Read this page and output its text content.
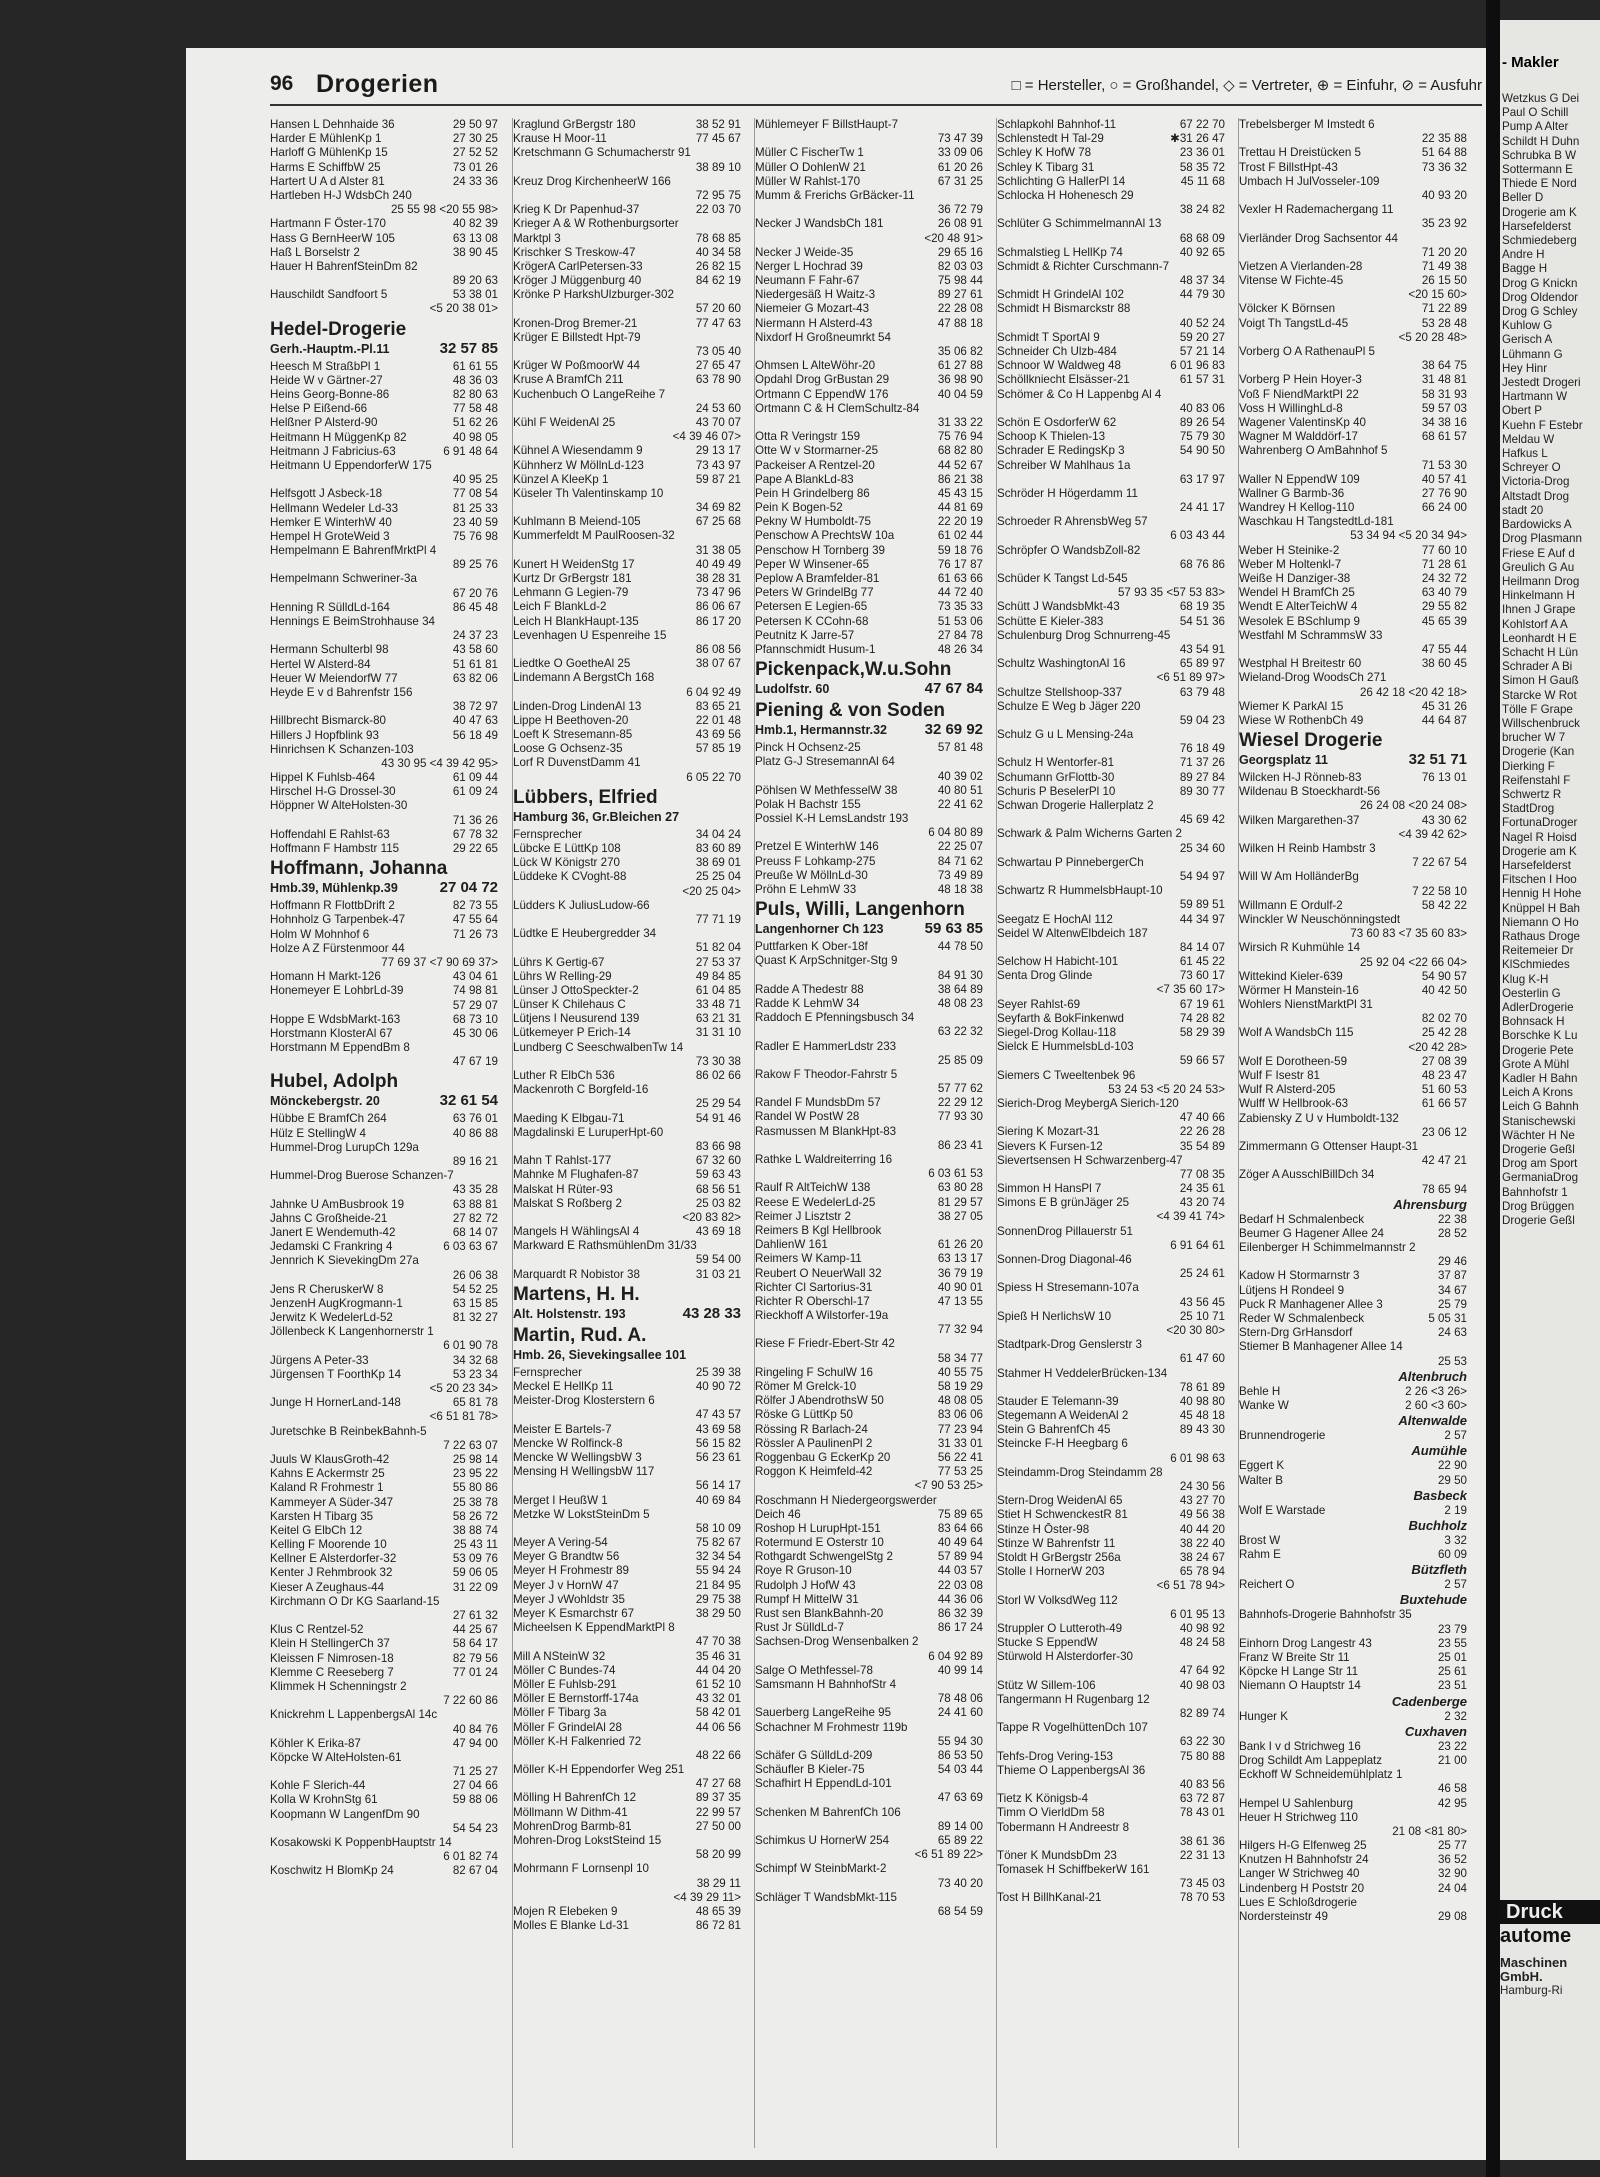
96 Drogerien	□ = Hersteller, ○ = Großhandel, ◇ = Vertreter, ⊕ = Einfuhr, ⊘ = Ausfuhr
Hansen L Dehnhaide 36	29 50 97
Harder E MühlenKp 1	27 30 25
Harloff G MühlenKp 15	27 52 52
Harms E SchiffbW 25	73 01 26
Hartert U A d Alster 81	24 33 36
Hartleben H-J WdsbCh 240
25 55 98 <20 55 98>
Hartmann F Öster-170	40 82 39
Hass G BernHeerW 105	63 13 08
Haß L Borselstr 2	38 90 45
Hauer H BahrenfSteinDm 82
89 20 63
Hauschildt Sandfoort 5	53 38 01
<5 20 38 01>
Hedel-Drogerie
Gerh.-Hauptm.-Pl.11	32 57 85
Heesch M StraßbPl 1	61 61 55
Heide W v Gärtner-27	48 36 03
Heins Georg-Bonne-86	82 80 63
Helse P Eißend-66	77 58 48
Helßner P Alsterd-90	51 62 26
Heitmann H MüggenKp 82	40 98 05
Heitmann J Fabricius-63	6 91 48 64
Heitmann U EppendorferW 175
40 95 25
Helfsgott J Asbeck-18	77 08 54
Hellmann Wedeler Ld-33	81 25 33
Hemker E WinterhW 40	23 40 59
Hempel H GroteWeid 3	75 76 98
Hempelmann E BahrenfMrktPl 4
89 25 76
Hempelmann Schweriner-3a
67 20 76
Henning R SülldLd-164	86 45 48
Hennings E BeimStrohhause 34
24 37 23
Hermann Schulterbl 98	43 58 60
Hertel W Alsterd-84	51 61 81
Heuer W MeiendorfW 77	63 82 06
Heyde E v d Bahrenfstr 156
38 72 97
Hillbrecht Bismarck-80	40 47 63
Hillers J Hopfblink 93	56 18 49
Hinrichsen K Schanzen-103
43 30 95 <4 39 42 95>
Hippel K Fuhlsb-464	61 09 44
Hirschel H-G Drossel-30	61 09 24
Höppner W AlteHolsten-30
71 36 26
Hoffendahl E Rahlst-63	67 78 32
Hoffmann F Hambstr 115	29 22 65
Hoffmann, Johanna
Hmb.39, Mühlenkp.39	27 04 72
Hoffmann R FlottbDrift 2	82 73 55
Hohnholz G Tarpenbek-47	47 55 64
Holm W Mohnhof 6	71 26 73
Holze A Z Fürstenmoor 44
77 69 37 <7 90 69 37>
Homann H Markt-126	43 04 61
Honemeyer E LohbrLd-39	74 98 81
57 29 07
Hoppe E WdsbMarkt-163	68 73 10
Horstmann KlosterAl 67	45 30 06
Horstmann M EppendBm 8
47 67 19
Hubel, Adolph
Mönckebergstr. 20	32 61 54
Hübbe E BramfCh 264	63 76 01
Hülz E StellingW 4	40 86 88
Hummel-Drog LurupCh 129a
89 16 21
Hummel-Drog Buerose Schanzen-7
43 35 28
Jahnke U AmBusbrook 19	63 88 81
Jahns C Großheide-21	27 82 72
Janert E Wendemuth-42	68 14 07
Jedamski C Frankring 4	6 03 63 67
Jennrich K SievekingDm 27a
26 06 38
Jens R CheruskerW 8	54 52 25
JenzenH AugKrogmann-1	63 15 85
Jerwitz K WedelerLd-52	81 32 27
Jöllenbeck K Langenhornerstr 1
6 01 90 78
Jürgens A Peter-33	34 32 68
Jürgensen T FoorthKp 14	53 23 34
<5 20 23 34>
Junge H HornerLand-148	65 81 78
<6 51 81 78>
Juretschke B ReinbekBahnh-5
7 22 63 07
Juuls W KlausGroth-42	25 98 14
Kahns E Ackermstr 25	23 95 22
Kaland R Frohmestr 1	55 80 86
Kammeyer A Süder-347	25 38 78
Karsten H Tibarg 35	58 26 72
Keitel G ElbCh 12	38 88 74
Kelling F Moorende 10	25 43 11
Kellner E Alsterdorfer-32	53 09 76
Kenter J Rehmbrook 32	59 06 05
Kieser A Zeughaus-44	31 22 09
Kirchmann O Dr KG Saarland-15
27 61 32
Klus C Rentzel-52	44 25 67
Klein H StellingerCh 37	58 64 17
Kleissen F Nimrosen-18	82 79 56
Klemme C Reeseberg 7	77 01 24
Klimmek H Schenningstr 2
7 22 60 86
Knickrehm L LappenbergsAl 14c
40 84 76
Köhler K Erika-87	47 94 00
Köpcke W AlteHolsten-61
71 25 27
Kohle F Slerich-44	27 04 66
Kolla W KrohnStg 61	59 88 06
Koopmann W LangenfDm 90
54 54 23
Kosakowski K PoppenbHauptstr 14
6 01 82 74
Koschwitz H BlomKp 24	82 67 04
Kraglund GrBergstr 180	38 52 91
Krause H Moor-11	77 45 67
Kretschmann G Schumacherstr 91
38 89 10
Kreuz Drog KirchenheerW 166
72 95 75
Krieg K Dr Papenhud-37	22 03 70
Krieger A & W Rothenburgsorter
Marktpl 3	78 68 85
Krischker S Treskow-47	40 34 58
KrögerA CarlPetersen-33	26 82 15
Kröger J Müggenburg 40	84 62 19
Krönke P HarkshUlzburger-302
57 20 60
Kronen-Drog Bremer-21	77 47 63
Krüger E Billstedt Hpt-79
73 05 40
Krüger W PoßmoorW 44	27 65 47
Kruse A BramfCh 211	63 78 90
Kuchenbuch O LangeReihe 7
24 53 60
Kühl F WeidenAl 25	43 70 07
<4 39 46 07>
Kühnel A Wiesendamm 9	29 13 17
Kühnherz W MöllnLd-123	73 43 97
Künzel A KleeKp 1	59 87 21
Küseler Th Valentinskamp 10
34 69 82
Kuhlmann B Meiend-105	67 25 68
Kummerfeldt M PaulRoosen-32
31 38 05
Kunert H WeidenStg 17	40 49 49
Kurtz Dr GrBergstr 181	38 28 31
Lehmann G Legien-79	73 47 96
Leich F BlankLd-2	86 06 67
Leich H BlankHaupt-135	86 17 20
Levenhagen U Espenreihe 15
86 08 56
Liedtke O GoetheAl 25	38 07 67
Lindemann A BergstCh 168
6 04 92 49
Linden-Drog LindenAl 13	83 65 21
Lippe H Beethoven-20	22 01 48
Loeft K Stresemann-85	43 69 56
Loose G Ochsenz-35	57 85 19
Lorf R DuvenstDamm 41
6 05 22 70
Lübbers, Elfried
Hamburg 36, Gr.Bleichen 27
Fernsprecher	34 04 24
Lübcke E LüttKp 108	83 60 89
Lück W Königstr 270	38 69 01
Lüddeke K CVoght-88	25 25 04
<20 25 04>
Lüdders K JuliusLudow-66
77 71 19
Lüdtke E Heubergredder 34
51 82 04
Lührs K Gertig-67	27 53 37
Lührs W Relling-29	49 84 85
Lünser J OttoSpeckter-2	61 04 85
Lünser K Chilehaus C	33 48 71
Lütjens I Neusurend 139	63 21 31
Lütkemeyer P Erich-14	31 31 10
Lundberg C SeeschwalbenTw 14
73 30 38
Luther R ElbCh 536	86 02 66
Mackenroth C Borgfeld-16
25 29 54
Maeding K Elbgau-71	54 91 46
Magdalinski E LuruperHpt-60
83 66 98
Mahn T Rahlst-177	67 32 60
Mahnke M Flughafen-87	59 63 43
Malskat H Rüter-93	68 56 51
Malskat S Roßberg 2	25 03 82
<20 83 82>
Mangels H WählingsAl 4	43 69 18
Markward E RathsmühlenDm 31/33
59 54 00
Marquardt R Nobistor 38	31 03 21
Martens, H. H.
Alt. Holstenstr. 193	43 28 33
Martin, Rud. A.
Hmb. 26, Sievekingsallee 101
Fernsprecher	25 39 38
Meckel E HellKp 11	40 90 72
Meister-Drog Klosterstern 6
47 43 57
Meister E Bartels-7	43 69 58
Mencke W Rolfinck-8	56 15 82
Mencke W WellingsbW 3	56 23 61
Mensing H WellingsbW 117
56 14 17
Merget I HeußW 1	40 69 84
Metzke W LokstSteinDm 5
58 10 09
Meyer A Vering-54	75 82 67
Meyer G Brandtw 56	32 34 54
Meyer H Frohmestr 89	55 94 24
Meyer J v HornW 47	21 84 95
Meyer J vWohldstr 35	29 75 38
Meyer K Esmarchstr 67	38 29 50
Micheelsen K EppendMarktPl 8
47 70 38
Mill A NSteinW 32	35 46 31
Möller C Bundes-74	44 04 20
Möller E Fuhlsb-291	61 52 10
Möller E Bernstorff-174a	43 32 01
Möller F Tibarg 3a	58 42 01
Möller F GrindelAl 28	44 06 56
Möller K-H Falkenried 72
48 22 66
Möller K-H Eppendorfer Weg 251
47 27 68
Mölling H BahrenfCh 12	89 37 35
Möllmann W Dithm-41	22 99 57
MohrenDrog Barmb-81	27 50 00
Mohren-Drog LokstSteind 15
58 20 99
Mohrmann F Lornsenpl 10
38 29 11
<4 39 29 11>
Mojen R Elebeken 9	48 65 39
Molles E Blanke Ld-31	86 72 81
Mühlemeyer F BillstHaupt-7
73 47 39
Müller C FischerTw 1	33 09 06
Müller O DohlenW 21	61 20 26
Müller W Rahlst-170	67 31 25
Mumm & Frerichs GrBäcker-11
36 72 79
Necker J WandsbCh 181	26 08 91
<20 48 91>
Necker J Weide-35	29 65 16
Nerger L Hochrad 39	82 03 03
Neumann F Fahr-67	75 98 44
Niedergesäß H Waitz-3	89 27 61
Niemeier G Mozart-43	22 28 08
Niermann H Alsterd-43	47 88 18
Nixdorf H Großneumrkt 54
35 06 82
Ohmsen L AlteWöhr-20	61 27 88
Opdahl Drog GrBustan 29	36 98 90
Ortmann C EppendW 176	40 04 59
Ortmann C & H ClemSchultz-84
31 33 22
Otta R Veringstr 159	75 76 94
Otte W v Stormarner-25	68 82 80
Packeiser A Rentzel-20	44 52 67
Pape A BlankLd-83	86 21 38
Pein H Grindelberg 86	45 43 15
Pein K Bogen-52	44 81 69
Pekny W Humboldt-75	22 20 19
Penschow A PrechtsW 10a	61 02 44
Penschow H Tornberg 39	59 18 76
Peper W Winsener-65	76 17 87
Peplow A Bramfelder-81	61 63 66
Peters W GrindelBg 77	44 72 40
Petersen E Legien-65	73 35 33
Petersen K CCohn-68	51 53 06
Peutnitz K Jarre-57	27 84 78
Pfannschmidt Husum-1	48 26 34
Pickenpack,W.u.Sohn
Ludolfstr. 60	47 67 84
Piening & von Soden
Hmb.1, Hermannstr.32	32 69 92
Pinck H Ochsenz-25	57 81 48
Platz G-J StresemannAl 64
40 39 02
Pöhlsen W MethfesselW 38	40 80 51
Polak H Bachstr 155	22 41 62
Possiel K-H LemsLandstr 193
6 04 80 89
Pretzel E WinterhW 146	22 25 07
Preuss F Lohkamp-275	84 71 62
Preuße W MöllnLd-30	73 49 89
Pröhn E LehmW 33	48 18 38
Puls, Willi, Langenhorn
Langenhorner Ch 123	59 63 85
Puttfarken K Ober-18f	44 78 50
Quast K ArpSchnitger-Stg 9
84 91 30
Radde A Thedestr 88	38 64 89
Radde K LehmW 34	48 08 23
Raddoch E Pfenningsbusch 34
63 22 32
Radler E HammerLdstr 233
25 85 09
Rakow F Theodor-Fahrstr 5
57 77 62
Randel F MundsbDm 57	22 29 12
Randel W PostW 28	77 93 30
Rasmussen M BlankHpt-83
86 23 41
Rathke L Waldreiterring 16
6 03 61 53
Raulf R AltTeichW 138	63 80 28
Reese E WedelerLd-25	81 29 57
Reimer J Lisztstr 2	38 27 05
Reimers B Kgl Hellbrook
DahlienW 161	61 26 20
Reimers W Kamp-11	63 13 17
Reubert O NeuerWall 32	36 79 19
Richter Cl Sartorius-31	40 90 01
Richter R Oberschl-17	47 13 55
Rieckhoff A Wilstorfer-19a
77 32 94
Riese F Friedr-Ebert-Str 42
58 34 77
Ringeling F SchulW 16	40 55 75
Römer M Grelck-10	58 19 29
Rölfer J AbendrothsW 50	48 08 05
Röske G LüttKp 50	83 06 06
Rössing R Barlach-24	77 23 94
Rössler A PaulinenPl 2	31 33 01
Roggenbau G EckerKp 20	56 22 41
Roggon K Heimfeld-42	77 53 25
<7 90 53 25>
Roschmann H Niedergeorgswerder
Deich 46	75 89 65
Roshop H LurupHpt-151	83 64 66
Rotermund E Osterstr 10	40 49 64
Rothgardt SchwengelStg 2	57 89 94
Roye R Gruson-10	44 03 57
Rudolph J HofW 43	22 03 08
Rumpf H MittelW 31	44 36 06
Rust sen BlankBahnh-20	86 32 39
Rust Jr SülldLd-7	86 17 24
Sachsen-Drog Wensenbalken 2
6 04 92 89
Salge O Methfessel-78	40 99 14
Samsmann H BahnhofStr 4
78 48 06
Sauerberg LangeReihe 95	24 41 60
Schachner M Frohmestr 119b
55 94 30
Schäfer G SülldLd-209	86 53 50
Schäufler B Kieler-75	54 03 44
Schafhirt H EppendLd-101
47 63 69
Schenken M BahrenfCh 106
89 14 00
Schimkus U HornerW 254	65 89 22
<6 51 89 22>
Schimpf W SteinbMarkt-2
73 40 20
Schläger T WandsbMkt-115
68 54 59
Schlapkohl Bahnhof-11	67 22 70
Schlenstedt H Tal-29	✱31 26 47
Schley K HofW 78	23 36 01
Schley K Tibarg 31	58 35 72
Schlichting G HallerPl 14	45 11 68
Schlocka H Hohenesch 29
38 24 82
Schlüter G SchimmelmannAl 13
68 68 09
Schmalstieg L HellKp 74	40 92 65
Schmidt & Richter Curschmann-7
48 37 34
Schmidt H GrindelAl 102	44 79 30
Schmidt H Bismarckstr 88
40 52 24
Schmidt T SportAl 9	59 20 27
Schneider Ch Ulzb-484	57 21 14
Schnoor W Waldweg 48	6 01 96 83
Schöllkniecht Elsässer-21	61 57 31
Schömer & Co H Lappenbg Al 4
40 83 06
Schön E OsdorferW 62	89 26 54
Schoop K Thielen-13	75 79 30
Schrader E RedingsKp 3	54 90 50
Schreiber W Mahlhaus 1a
63 17 97
Schröder H Högerdamm 11
24 41 17
Schroeder R AhrensbWeg 57
6 03 43 44
Schröpfer O WandsbZoll-82
68 76 86
Schüder K Tangst Ld-545
57 93 35 <57 53 83>
Schütt J WandsbMkt-43	68 19 35
Schütte E Kieler-383	54 51 36
Schulenburg Drog Schnurreng-45
43 54 91
Schultz WashingtonAl 16	65 89 97
<6 51 89 97>
Schultze Stellshoop-337	63 79 48
Schulze E Weg b Jäger 220
59 04 23
Schulz G u L Mensing-24a
76 18 49
Schulz H Wentorfer-81	71 37 26
Schumann GrFlottb-30	89 27 84
Schuris P BeselerPl 10	89 30 77
Schwan Drogerie Hallerplatz 2
45 69 42
Schwark & Palm Wicherns Garten 2
25 34 60
Schwartau P PinnebergerCh
54 94 97
Schwartz R HummelsbHaupt-10
59 89 51
Seegatz E HochAl 112	44 34 97
Seidel W AltenwElbdeich 187
84 14 07
Selchow H Habicht-101	61 45 22
Senta Drog Glinde	73 60 17
<7 35 60 17>
Seyer Rahlst-69	67 19 61
Seyfarth & BokFinkenwd	74 28 82
Siegel-Drog Kollau-118	58 29 39
Sielck E HummelsbLd-103
59 66 57
Siemers C Tweeltenbek 96
53 24 53 <5 20 24 53>
Sierich-Drog MeybergA Sierich-120
47 40 66
Siering K Mozart-31	22 26 28
Sievers K Fursen-12	35 54 89
Sievertsensen H Schwarzenberg-47
77 08 35
Simmon H HansPl 7	24 35 61
Simons E B grünJäger 25	43 20 74
<4 39 41 74>
SonnenDrog Pillauerstr 51
6 91 64 61
Sonnen-Drog Diagonal-46
25 24 61
Spiess H Stresemann-107a
43 56 45
Spieß H NerlichsW 10	25 10 71
<20 30 80>
Stadtpark-Drog Genslerstr 3
61 47 60
Stahmer H VeddelerBrücken-134
78 61 89
Stauder E Telemann-39	40 98 80
Stegemann A WeidenAl 2	45 48 18
Stein G BahrenfCh 45	89 43 30
Steincke F-H Heegbarg 6
6 01 98 63
Steindamm-Drog Steindamm 28
24 30 56
Stern-Drog WeidenAl 65	43 27 70
Stiet H SchwenckestR 81	49 56 38
Stinze H Ōster-98	40 44 20
Stinze W Bahrenfstr 11	38 22 40
Stoldt H GrBergstr 256a	38 24 67
Stolle I HornerW 203	65 78 94
<6 51 78 94>
Storl W VolksdWeg 112
6 01 95 13
Struppler O Lutteroth-49	40 98 92
Stucke S EppendW	48 24 58
Stürwold H Alsterdorfer-30
47 64 92
Stütz W Sillem-106	40 98 03
Tangermann H Rugenbarg 12
82 89 74
Tappe R VogelhüttenDch 107
63 22 30
Tehfs-Drog Vering-153	75 80 88
Thieme O LappenbergsAl 36
40 83 56
Tietz K Königsb-4	63 72 87
Timm O VierldDm 58	78 43 01
Tobermann H Andreestr 8
38 61 36
Töner K MundsbDm 23	22 31 13
Tomasek H SchiffbekerW 161
73 45 03
Tost H BillhKanal-21	78 70 53
Trebelsberger M Imstedt 6
22 35 88
Trettau H Dreistücken 5	51 64 88
Trost F BillstHpt-43	73 36 32
Umbach H JulVosseler-109
40 93 20
Vexler H Rademachergang 11
35 23 92
Vierländer Drog Sachsentor 44
71 20 20
Vietzen A Vierlanden-28	71 49 38
Vitense W Fichte-45	26 15 50
<20 15 60>
Völcker K Börnsen	71 22 89
Voigt Th TangstLd-45	53 28 48
<5 20 28 48>
Vorberg O A RathenauPl 5
38 64 75
Vorberg P Hein Hoyer-3	31 48 81
Voß F NiendMarktPl 22	58 31 93
Voss H WillinghLd-8	59 57 03
Wagener ValentinsKp 40	34 38 16
Wagner M Walddörf-17	68 61 57
Wahrenberg O AmBahnhof 5
71 53 30
Waller N EppendW 109	40 57 41
Wallner G Barmb-36	27 76 90
Wandrey H Kellog-110	66 24 00
Waschkau H TangstedtLd-181
53 34 94 <5 20 34 94>
Weber H Steinike-2	77 60 10
Weber M Holtenkl-7	71 28 61
Weiße H Danziger-38	24 32 72
Wendel H BramfCh 25	63 40 79
Wendt E AlterTeichW 4	29 55 82
Wesolek E BSchlump 9	45 65 39
Westfahl M SchrammsW 33
47 55 44
Westphal H Breitestr 60	38 60 45
Wieland-Drog WoodsCh 271
26 42 18 <20 42 18>
Wiemer K ParkAl 15	45 31 26
Wiese W RothenbCh 49	44 64 87
Wiesel Drogerie
Georgsplatz 11	32 51 71
Wilcken H-J Rönneb-83	76 13 01
Wildenau B Stoeckhardt-56
26 24 08 <20 24 08>
Wilken Margarethen-37	43 30 62
<4 39 42 62>
Wilken H Reinb Hambstr 3
7 22 67 54
Will W Am HolländerBg
7 22 58 10
Willmann E Ordulf-2	58 42 22
Winckler W Neuschönningstedt
73 60 83 <7 35 60 83>
Wirsich R Kuhmühle 14
25 92 04 <22 66 04>
Wittekind Kieler-639	54 90 57
Wörmer H Manstein-16	40 42 50
Wohlers NienstMarktPl 31
82 02 70
Wolf A WandsbCh 115	25 42 28
<20 42 28>
Wolf E Dorotheen-59	27 08 39
Wulf F Isestr 81	48 23 47
Wulf R Alsterd-205	51 60 53
Wulff W Hellbrook-63	61 66 57
Zabiensky Z U v Humboldt-132
23 06 12
Zimmermann G Ottenser Haupt-31
42 47 21
Zöger A AusschlBillDch 34
78 65 94
Ahrensburg
Bedarf H Schmalenbeck	22 38
Beumer G Hagener Allee 24	28 52
Eilenberger H Schimmelmannstr 2
29 46
Kadow H Stormarnstr 3	37 87
Lütjens H Rondeel 9	34 67
Puck R Manhagener Allee 3	25 79
Reder W Schmalenbeck	5 05 31
Stern-Drg GrHansdorf	24 63
Stiemer B Manhagener Allee 14
25 53
Altenbruch
Behle H	2 26 <3 26>
Wanke W	2 60 <3 60>
Altenwalde
Brunnendrogerie	2 57
Aumühle
Eggert K	22 90
Walter B	29 50
Basbeck
Wolf E Warstade	2 19
Buchholz
Brost W	3 32
Rahm E	60 09
Bützfleth
Reichert O	2 57
Buxtehude
Bahnhofs-Drogerie Bahnhofstr 35
23 79
Einhorn Drog Langestr 43	23 55
Franz W Breite Str 11	25 01
Köpcke H Lange Str 11	25 61
Niemann O Hauptstr 14	23 51
Cadenberge
Hunger K	2 32
Cuxhaven
Bank I v d Strichweg 16	23 22
Drog Schildt Am Lappeplatz	21 00
Eckhoff W Schneidemühlplatz 1
46 58
Hempel U Sahlenburg	42 95
Heuer H Strichweg 110
21 08 <81 80>
Hilgers H-G Elfenweg 25	25 77
Knutzen H Bahnhofstr 24	36 52
Langer W Strichweg 40	32 90
Lindenberg H Poststr 20	24 04
Lues E Schloßdrogerie
Nordersteinstr 49	29 08
- Makler
Wetzkus G Dei
Paul O Schill
Pump A Alter
Schildt H Duhn
Schrubka B W
Sottermann E
Thiede E Nord
Beller D
Drogerie am K
Harsefelderst
Schmiedeberg
Andre H
Bagge H
Drog G Knickn
Drog Oldendor
Drog G Schley
Kuhlow G
Gerisch A
Lühmann G
Hey Hinr
Jestedt Drogeri
Hartmann W
Obert P
Kuehn F Estebr
Meldau W
Hafkus L
Schreyer O
Victoria-Drog
Altstadt Drog
stadt 20
Bardowicks A
Drog Plasmann
Friese E Auf d
Greulich G Au
Heilmann Drog
Hinkelmann H
Ihnen J Grape
Kohlstorf A A
Leonhardt H E
Schacht H Lün
Schrader A Bi
Simon H Gauß
Starcke W Rot
Tölle F Grape
Willschenbruck
brucher W 7
Drogerie (Kan
Dierking F
Reifenstahl F
Schwertz R
StadtDrog
FortunaDroger
Nagel R Hoisd
Drogerie am K
Harsefelderst
Fitschen I Hoo
Hennig H Hohe
Knüppel H Bah
Niemann O Ho
Rathaus Droge
Reitemeier Dr
KlSchmiedes
Klug K-H
Oesterlin G
AdlerDrogerie
Bohnsack H
Borschke K Lu
Drogerie Pete
Grote A Mühl
Kadler H Bahn
Leich A Krons
Leich G Bahnh
Stanischewski
Wächter H Ne
Drogerie Geßl
Drog am Sport
GermaniaDrog
Bahnhofstr 1
Drog Brüggen
Drogerie Geßl
Druck
autome
Maschinen
GmbH.
Hamburg-Ri
